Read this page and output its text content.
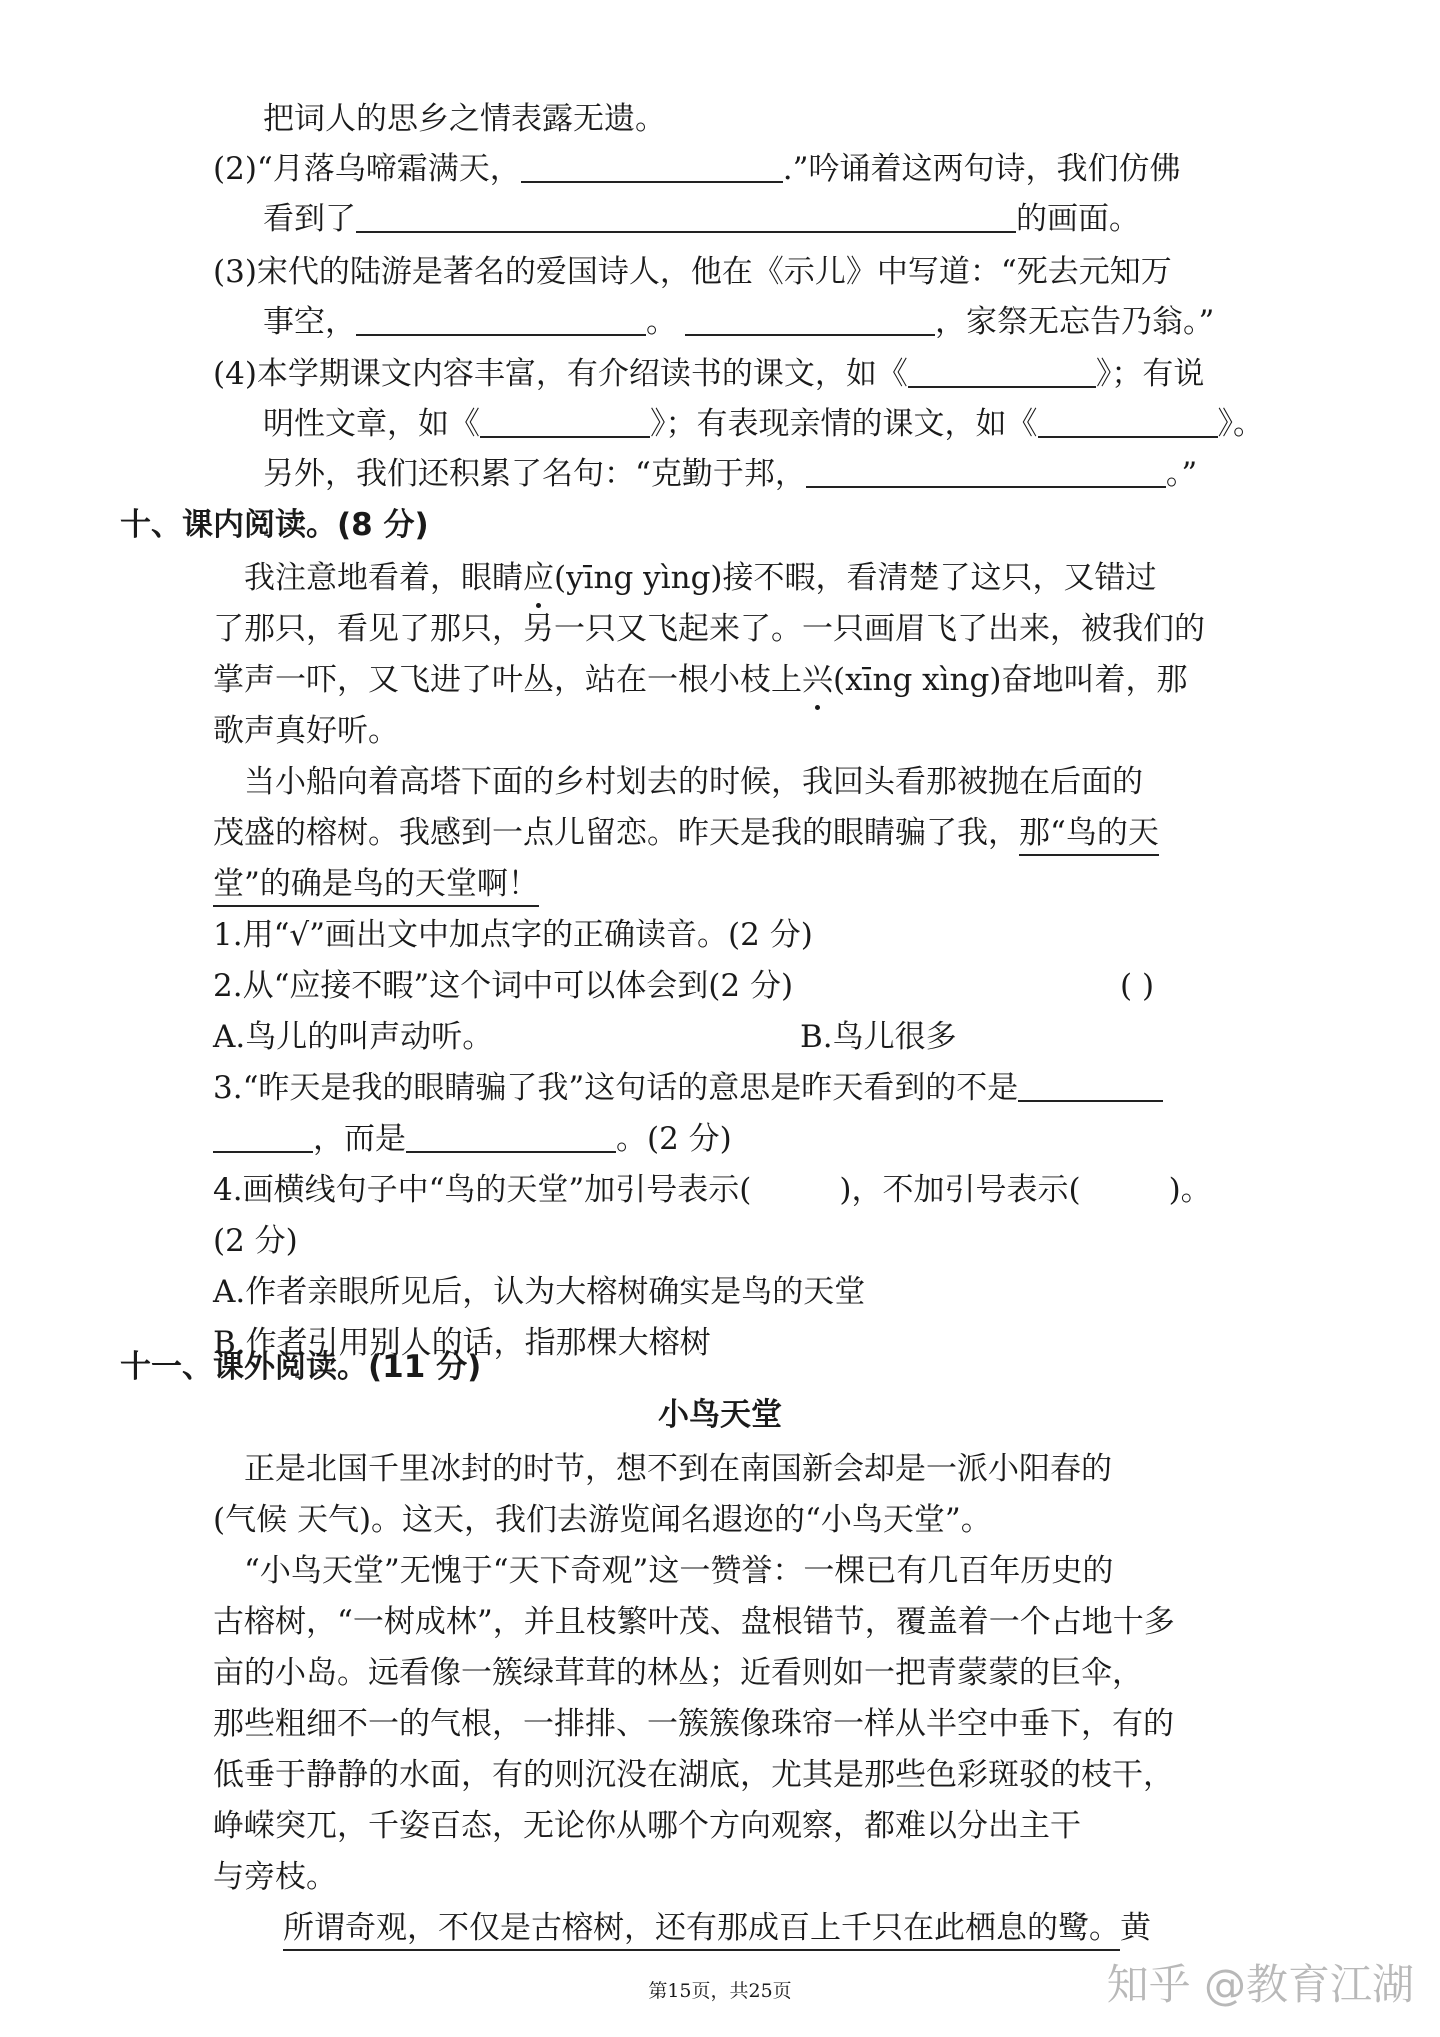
把词人的思乡之情表露无遗。
(2)“月落乌啼霜满天，	.”吟诵着这两句诗，我们仿佛
看到了	的画面。
(3)宋代的陆游是著名的爱国诗人，他在《示儿》中写道：“死去元知万
事空，	。	，家祭无忘告乃翁。”
(4)本学期课文内容丰富，有介绍读书的课文，如《	》；有说
明性文章，如《	》；有表现亲情的课文，如《	》。
另外，我们还积累了名句：“克勤于邦，	。”
十、课内阅读。(8 分)
我注意地看着，眼睛应(yīng yìng)接不暇，看清楚了这只，又错过
了那只，看见了那只，另一只又飞起来了。一只画眉飞了出来，被我们的
掌声一吓，又飞进了叶丛，站在一根小枝上兴(xīng xìng)奋地叫着，那
歌声真好听。
当小船向着高塔下面的乡村划去的时候，我回头看那被抛在后面的
茂盛的榕树。我感到一点儿留恋。昨天是我的眼睛骗了我，那“鸟的天
堂”的确是鸟的天堂啊！
1.用“√”画出文中加点字的正确读音。(2 分)
2.从“应接不暇”这个词中可以体会到(2 分)	( )
A.鸟儿的叫声动听。	B.鸟儿很多
3.“昨天是我的眼睛骗了我”这句话的意思是昨天看到的不是
，而是	。(2 分)
4.画横线句子中“鸟的天堂”加引号表示(	)，不加引号表示(	)。
(2 分)
A.作者亲眼所见后，认为大榕树确实是鸟的天堂
B.作者引用别人的话，指那棵大榕树
十一、课外阅读。(11 分)
小鸟天堂
正是北国千里冰封的时节，想不到在南国新会却是一派小阳春的
(气候 天气)。这天，我们去游览闻名遐迩的“小鸟天堂”。
“小鸟天堂”无愧于“天下奇观”这一赞誉：一棵已有几百年历史的
古榕树，“一树成林”，并且枝繁叶茂、盘根错节，覆盖着一个占地十多
亩的小岛。远看像一簇绿茸茸的林丛；近看则如一把青蒙蒙的巨伞，
那些粗细不一的气根，一排排、一簇簇像珠帘一样从半空中垂下，有的
低垂于静静的水面，有的则沉没在湖底，尤其是那些色彩斑驳的枝干，
峥嵘突兀，千姿百态，无论你从哪个方向观察，都难以分出主干
与旁枝。
所谓奇观，不仅是古榕树，还有那成百上千只在此栖息的鹭。黄
第15页，共25页	知乎 @教育江湖
